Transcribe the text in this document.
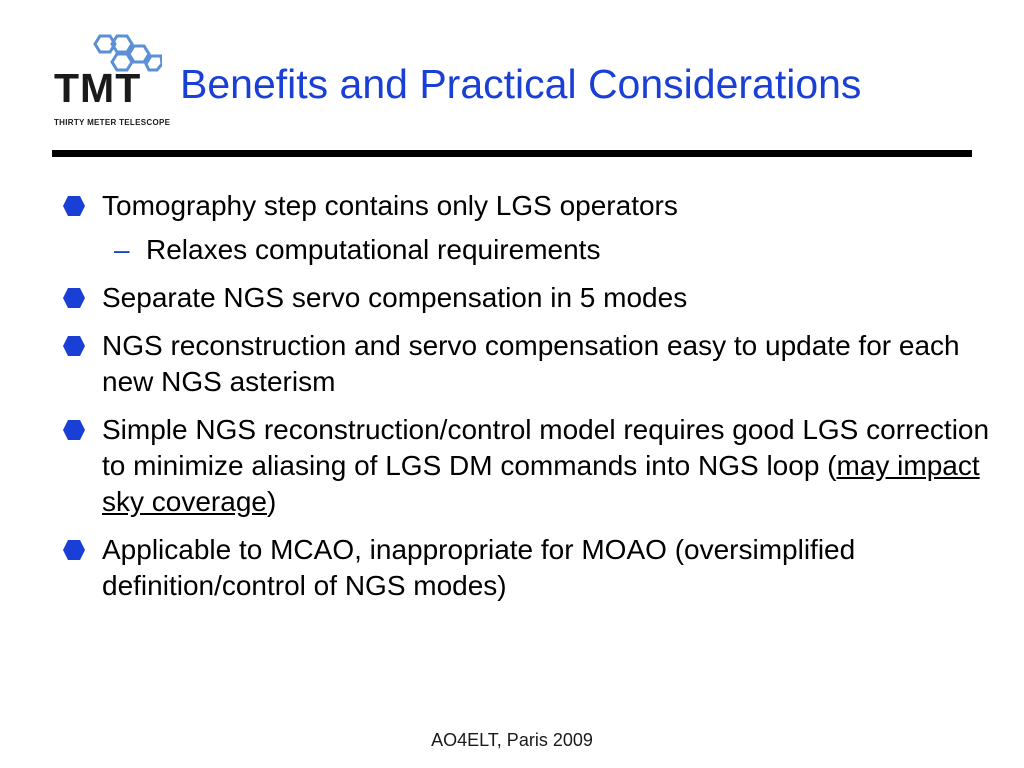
TMT
THIRTY METER TELESCOPE
Benefits and Practical Considerations
Tomography step contains only LGS operators
– Relaxes computational requirements
Separate NGS servo compensation in 5 modes
NGS reconstruction and servo compensation easy to update for each new NGS asterism
Simple NGS reconstruction/control model requires good LGS correction to minimize aliasing of LGS DM commands into NGS loop (may impact sky coverage)
Applicable to MCAO, inappropriate for MOAO (oversimplified definition/control of NGS modes)
AO4ELT, Paris 2009
